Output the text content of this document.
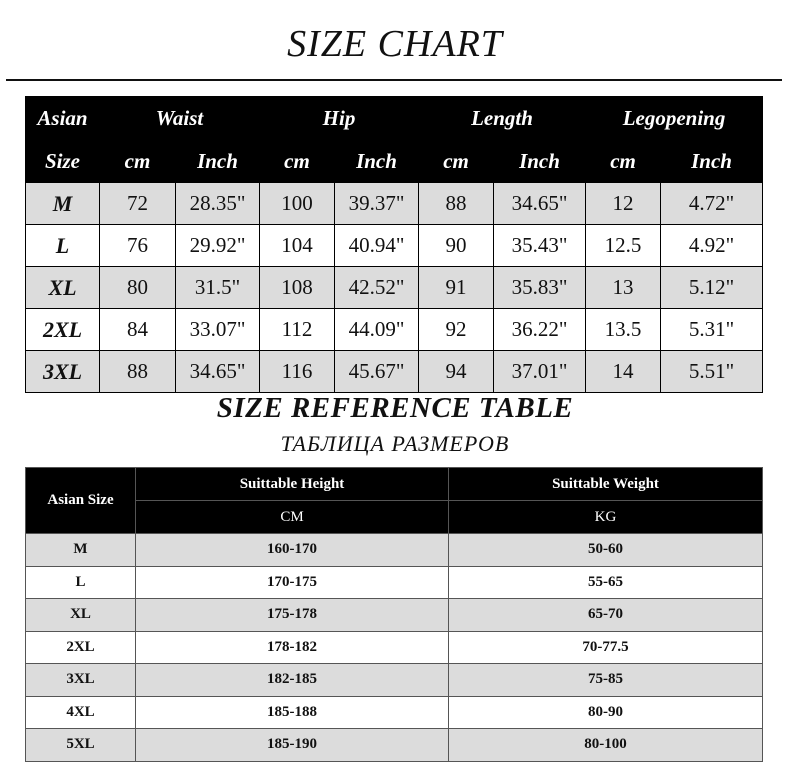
SIZE CHART
Asian	Waist		Hip		Length		Legopening	
Size	cm	Inch	cm	Inch	cm	Inch	cm	Inch
M	72	28.35"	100	39.37"	88	34.65"	12	4.72"
L	76	29.92"	104	40.94"	90	35.43"	12.5	4.92"
XL	80	31.5"	108	42.52"	91	35.83"	13	5.12"
2XL	84	33.07"	112	44.09"	92	36.22"	13.5	5.31"
3XL	88	34.65"	116	45.67"	94	37.01"	14	5.51"
SIZE REFERENCE TABLE
ТАБЛИЦА РАЗМЕРОВ
Asian Size	Suittable Height	Suittable Weight
	CM	KG
M	160-170	50-60
L	170-175	55-65
XL	175-178	65-70
2XL	178-182	70-77.5
3XL	182-185	75-85
4XL	185-188	80-90
5XL	185-190	80-100
